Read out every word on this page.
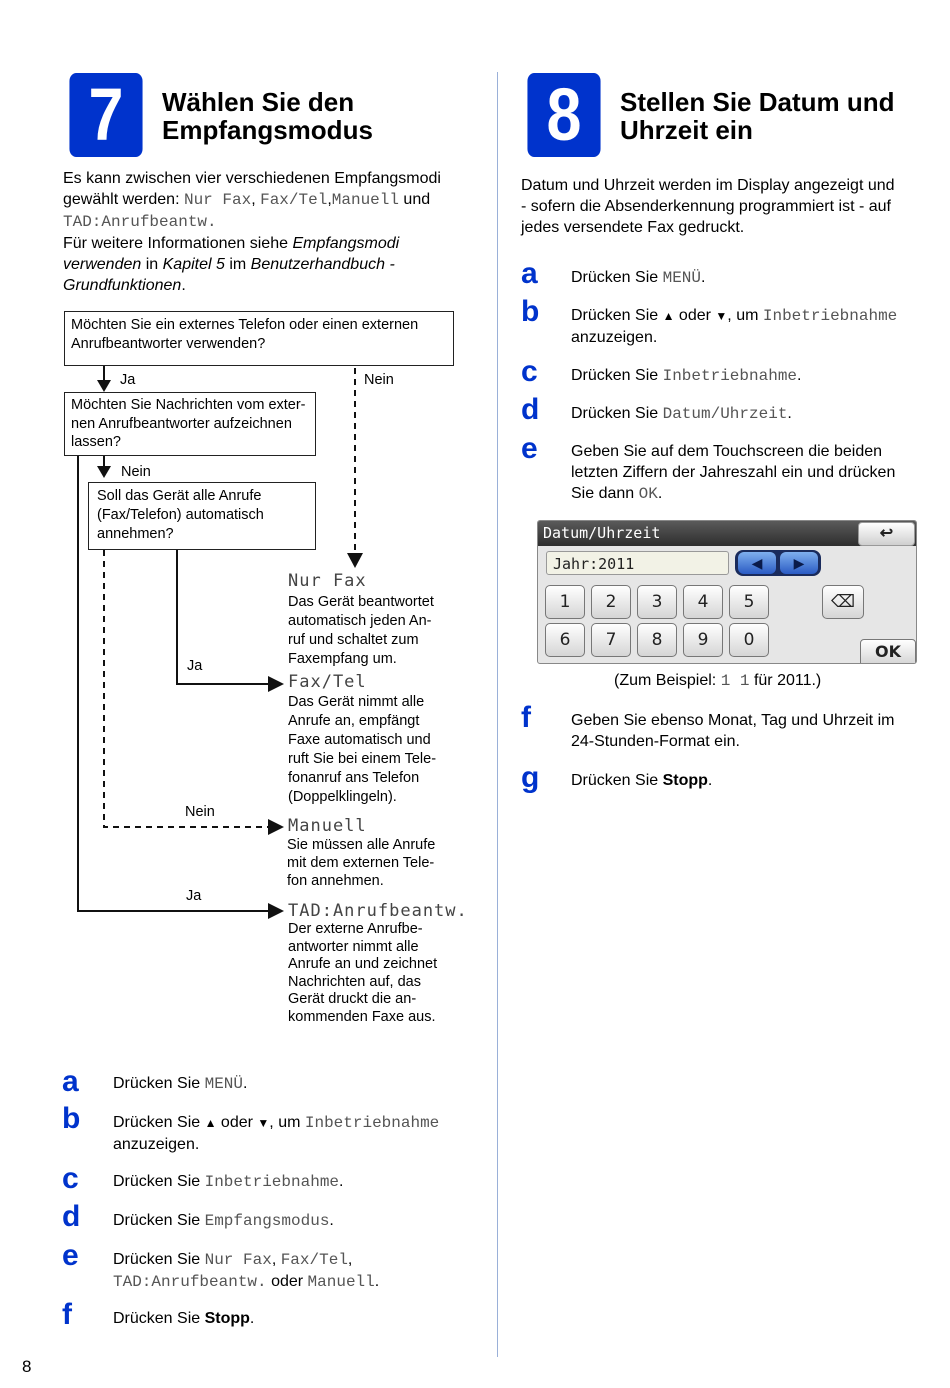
7	Wählen Sie den
Empfangsmodus
Es kann zwischen vier verschiedenen Empfangsmodi
gewählt werden: Nur Fax, Fax/Tel,Manuell und
TAD:Anrufbeantw.
Für weitere Informationen siehe Empfangsmodi
verwenden in Kapitel 5 im Benutzerhandbuch -
Grundfunktionen.
Möchten Sie ein externes Telefon oder einen externen Anrufbeantworter verwenden?
Möchten Sie Nachrichten vom exter-nen Anrufbeantworter aufzeichnen lassen?
Soll das Gerät alle Anrufe (Fax/Telefon) automatisch annehmen?
Ja	Nein
Nein
Ja
Nein
Ja
Nur Fax
Das Gerät beantwortet automatisch jeden An-ruf und schaltet zum Faxempfang um.
Fax/Tel
Das Gerät nimmt alle Anrufe an, empfängt Faxe automatisch und ruft Sie bei einem Tele-fonanruf ans Telefon (Doppelklingeln).
Manuell
Sie müssen alle Anrufe mit dem externen Tele-fon annehmen.
TAD:Anrufbeantw.
Der externe Anrufbe-antworter nimmt alle Anrufe an und zeichnet Nachrichten auf, das Gerät druckt die an-kommenden Faxe aus.
a Drücken Sie MENÜ.
b Drücken Sie ▲ oder ▼, um Inbetriebnahme
anzuzeigen.
c Drücken Sie Inbetriebnahme.
d Drücken Sie Empfangsmodus.
e Drücken Sie Nur Fax, Fax/Tel,
TAD:Anrufbeantw. oder Manuell.
f	Drücken Sie Stopp.
8	Stellen Sie Datum und
Uhrzeit ein
Datum und Uhrzeit werden im Display angezeigt und
- sofern die Absenderkennung programmiert ist - auf
jedes versendete Fax gedruckt.
a Drücken Sie MENÜ.
b Drücken Sie ▲ oder ▼, um Inbetriebnahme
anzuzeigen.
c Drücken Sie Inbetriebnahme.
d Drücken Sie Datum/Uhrzeit.
e Geben Sie auf dem Touchscreen die beiden
letzten Ziffern der Jahreszahl ein und drücken
Sie dann OK.
Datum/Uhrzeit	↩
Jahr:2011	◀	▶
1	2	3	4	5	⌫
6	7	8	9	0
OK
(Zum Beispiel: 1 1 für 2011.)
f	Geben Sie ebenso Monat, Tag und Uhrzeit im
24-Stunden-Format ein.
g Drücken Sie Stopp.
8
